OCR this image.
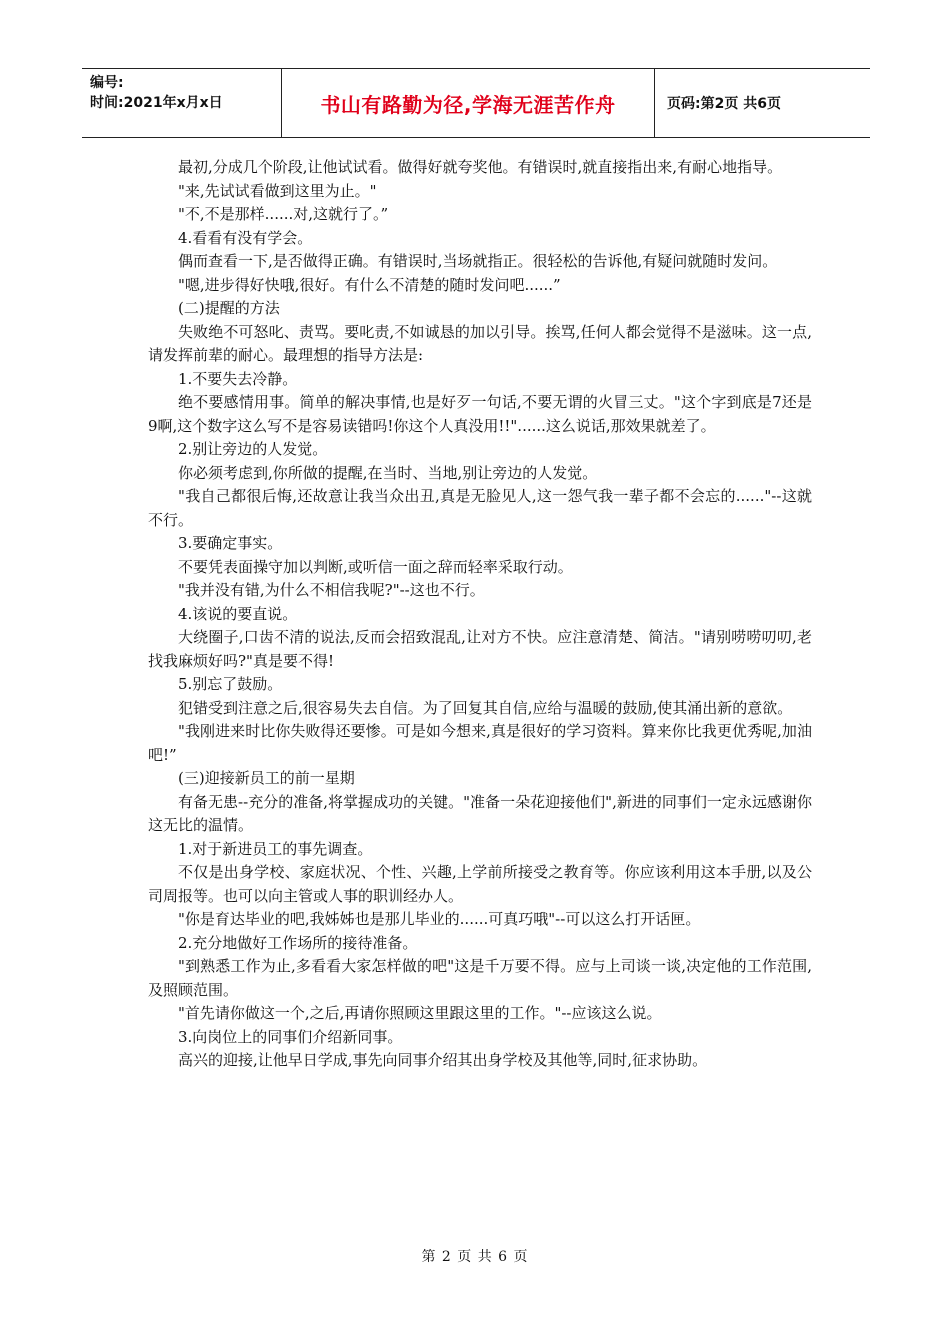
编号:
时间:2021年x月x日	书山有路勤为径,学海无涯苦作舟	页码:第2页 共6页

最初,分成几个阶段,让他试试看。做得好就夸奖他。有错误时,就直接指出来,有耐心地指导。

"来,先试试看做到这里为止。"

"不,不是那样......对,这就行了。”

4.看看有没有学会。

偶而查看一下,是否做得正确。有错误时,当场就指正。很轻松的告诉他,有疑问就随时发问。

"嗯,进步得好快哦,很好。有什么不清楚的随时发问吧......”

(二)提醒的方法

失败绝不可怒叱、责骂。要叱责,不如诚恳的加以引导。挨骂,任何人都会觉得不是滋味。这一点,请发挥前辈的耐心。最理想的指导方法是:

1.不要失去冷静。

绝不要感情用事。简单的解决事情,也是好歹一句话,不要无谓的火冒三丈。"这个字到底是7还是9啊,这个数字这么写不是容易读错吗!你这个人真没用!!"......这么说话,那效果就差了。

2.别让旁边的人发觉。

你必须考虑到,你所做的提醒,在当时、当地,别让旁边的人发觉。

"我自己都很后悔,还故意让我当众出丑,真是无脸见人,这一怨气我一辈子都不会忘的......"--这就不行。

3.要确定事实。

不要凭表面操守加以判断,或听信一面之辞而轻率采取行动。

"我并没有错,为什么不相信我呢?"--这也不行。

4.该说的要直说。

大绕圈子,口齿不清的说法,反而会招致混乱,让对方不快。应注意清楚、简洁。"请别唠唠叨叨,老找我麻烦好吗?"真是要不得!

5.别忘了鼓励。

犯错受到注意之后,很容易失去自信。为了回复其自信,应给与温暖的鼓励,使其涌出新的意欲。

"我刚进来时比你失败得还要惨。可是如今想来,真是很好的学习资料。算来你比我更优秀呢,加油吧!”

(三)迎接新员工的前一星期

有备无患--充分的准备,将掌握成功的关键。"准备一朵花迎接他们",新进的同事们一定永远感谢你这无比的温情。

1.对于新进员工的事先调查。

不仅是出身学校、家庭状况、个性、兴趣,上学前所接受之教育等。你应该利用这本手册,以及公司周报等。也可以向主管或人事的职训经办人。

"你是育达毕业的吧,我姊姊也是那儿毕业的......可真巧哦"--可以这么打开话匣。

2.充分地做好工作场所的接待准备。

"到熟悉工作为止,多看看大家怎样做的吧"这是千万要不得。应与上司谈一谈,决定他的工作范围,及照顾范围。

"首先请你做这一个,之后,再请你照顾这里跟这里的工作。"--应该这么说。

3.向岗位上的同事们介绍新同事。

高兴的迎接,让他早日学成,事先向同事介绍其出身学校及其他等,同时,征求协助。

第 2 页 共 6 页
